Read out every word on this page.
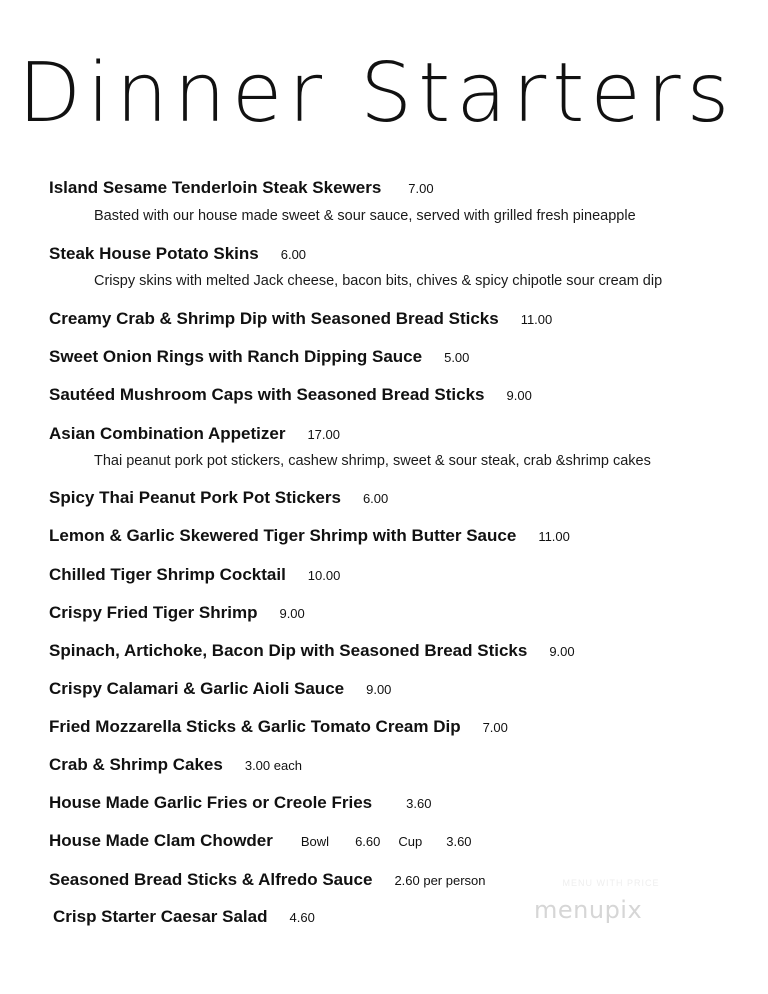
Dinner Starters
Island Sesame Tenderloin Steak Skewers 7.00
Basted with our house made sweet & sour sauce, served with grilled fresh pineapple
Steak House Potato Skins 6.00
Crispy skins with melted Jack cheese, bacon bits, chives & spicy chipotle sour cream dip
Creamy Crab & Shrimp Dip with Seasoned Bread Sticks 11.00
Sweet Onion Rings with Ranch Dipping Sauce 5.00
Sautéed Mushroom Caps with Seasoned Bread Sticks 9.00
Asian Combination Appetizer 17.00
Thai peanut pork pot stickers, cashew shrimp, sweet & sour steak, crab &shrimp cakes
Spicy Thai Peanut Pork Pot Stickers 6.00
Lemon & Garlic Skewered Tiger Shrimp with Butter Sauce 11.00
Chilled Tiger Shrimp Cocktail 10.00
Crispy Fried Tiger Shrimp 9.00
Spinach, Artichoke, Bacon Dip with Seasoned Bread Sticks 9.00
Crispy Calamari & Garlic Aioli Sauce 9.00
Fried Mozzarella Sticks & Garlic Tomato Cream Dip 7.00
Crab & Shrimp Cakes 3.00 each
House Made Garlic Fries or Creole Fries	3.60
House Made Clam Chowder Bowl 6.60 Cup 3.60
Seasoned Bread Sticks & Alfredo Sauce 2.60 per person
Crisp Starter Caesar Salad 4.60
MENU WITH PRICE
menupix
